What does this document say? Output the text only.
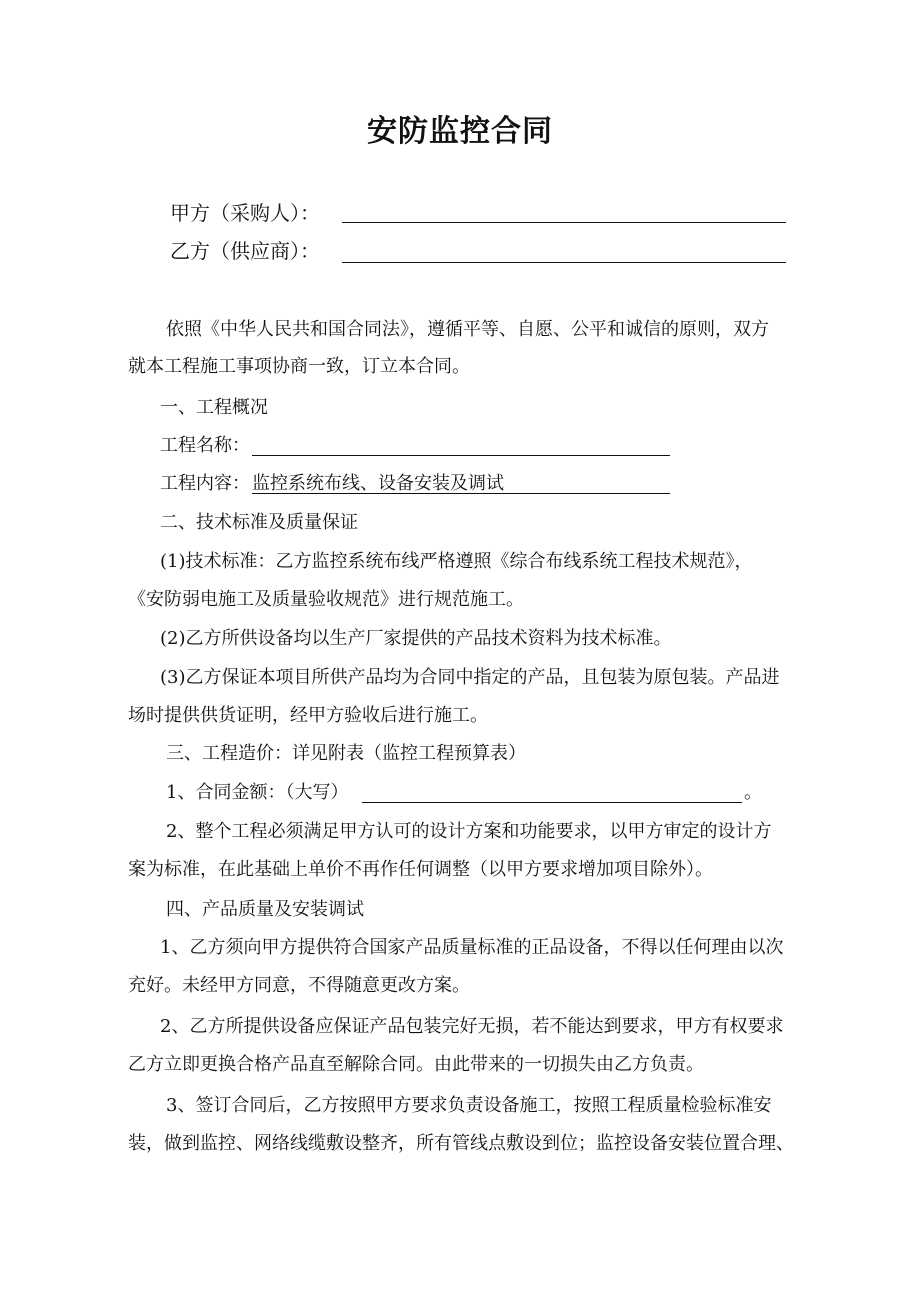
安防监控合同
甲方（采购人）：
乙方（供应商）：
依照《中华人民共和国合同法》，遵循平等、自愿、公平和诚信的原则，双方
就本工程施工事项协商一致，订立本合同。
一、工程概况
工程名称：
工程内容： 监控系统布线、设备安装及调试
二、技术标准及质量保证
(1)技术标准：乙方监控系统布线严格遵照《综合布线系统工程技术规范》，
《安防弱电施工及质量验收规范》进行规范施工。
(2)乙方所供设备均以生产厂家提供的产品技术资料为技术标准。
(3)乙方保证本项目所供产品均为合同中指定的产品，且包装为原包装。产品进
场时提供供货证明，经甲方验收后进行施工。
三、工程造价：详见附表（监控工程预算表）
1、合同金额：（大写）	。
2、整个工程必须满足甲方认可的设计方案和功能要求，以甲方审定的设计方
案为标准，在此基础上单价不再作任何调整（以甲方要求增加项目除外）。
四、产品质量及安装调试
1、乙方须向甲方提供符合国家产品质量标准的正品设备，不得以任何理由以次
充好。未经甲方同意，不得随意更改方案。
2、乙方所提供设备应保证产品包装完好无损，若不能达到要求，甲方有权要求
乙方立即更换合格产品直至解除合同。由此带来的一切损失由乙方负责。
3、签订合同后，乙方按照甲方要求负责设备施工，按照工程质量检验标准安
装，做到监控、网络线缆敷设整齐，所有管线点敷设到位；监控设备安装位置合理、
